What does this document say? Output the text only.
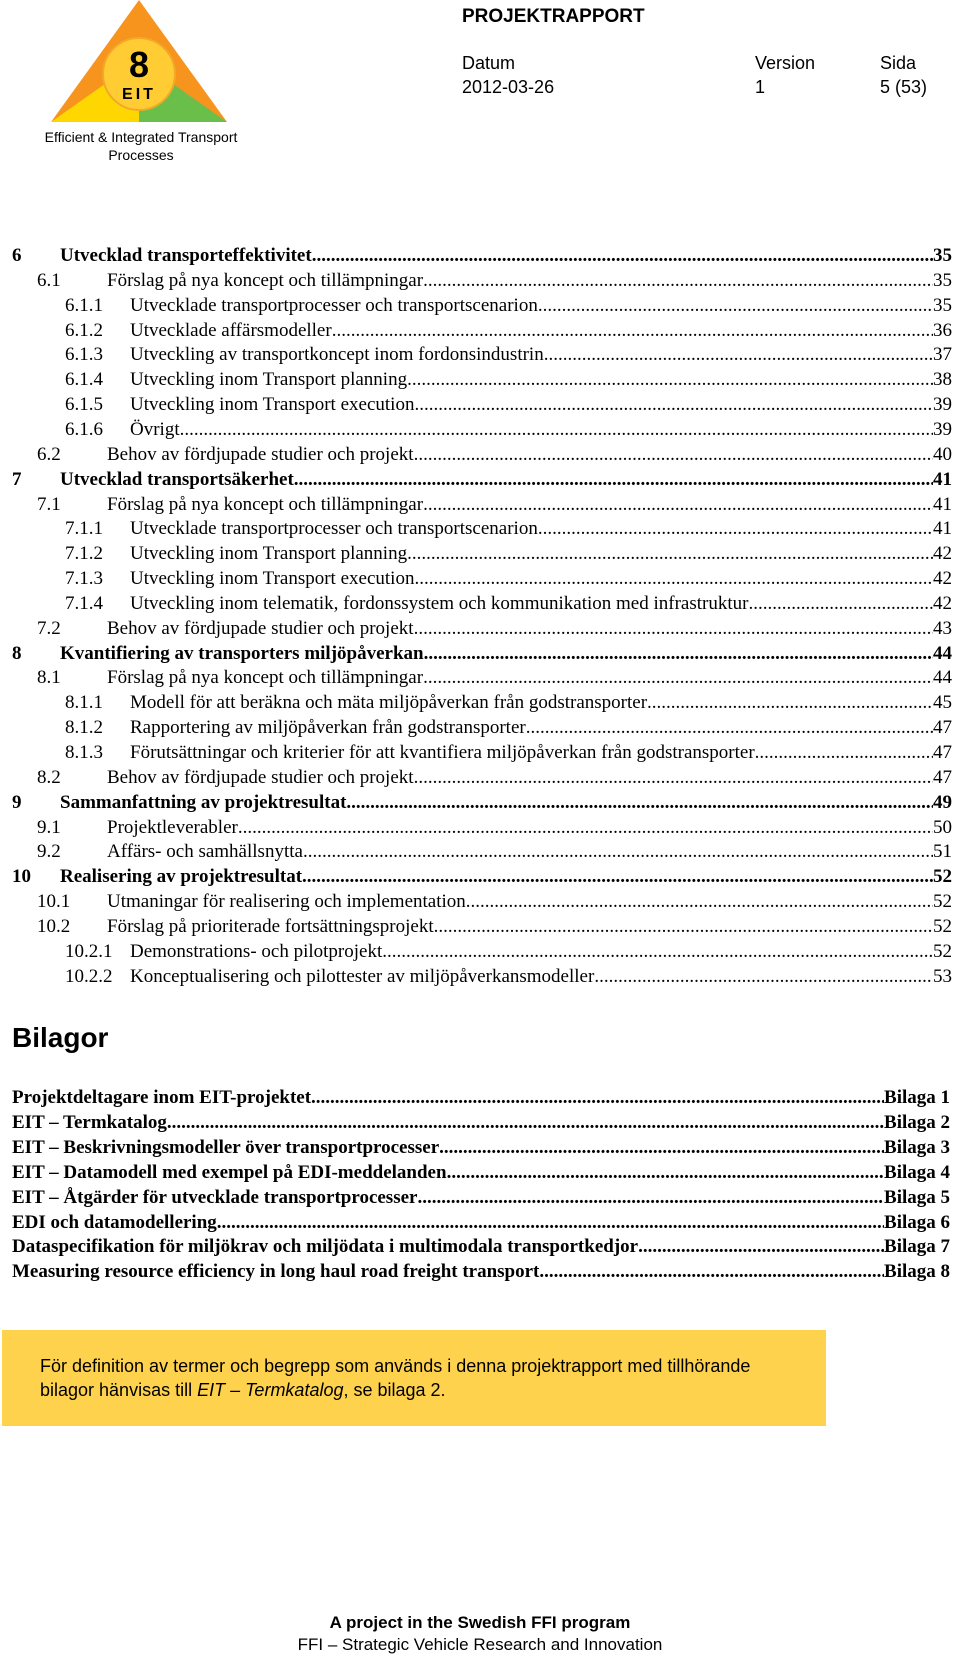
8
EIT
Efficient & Integrated Transport Processes
PROJEKTRAPPORT
Datum
2012-03-26
Version
1
Sida
5 (53)
6 Utvecklad transporteffektivitet .....	35
6.1 Förslag på nya koncept och tillämpningar .....	35
6.1.1 Utvecklade transportprocesser och transportscenarion .....	35
6.1.2 Utvecklade affärsmodeller .....	36
6.1.3 Utveckling av transportkoncept inom fordonsindustrin .....	37
6.1.4 Utveckling inom Transport planning .....	38
6.1.5 Utveckling inom Transport execution .....	39
6.1.6 Övrigt .....	39
6.2 Behov av fördjupade studier och projekt .....	40
7 Utvecklad transportsäkerhet .....	41
7.1 Förslag på nya koncept och tillämpningar .....	41
7.1.1 Utvecklade transportprocesser och transportscenarion .....	41
7.1.2 Utveckling inom Transport planning .....	42
7.1.3 Utveckling inom Transport execution .....	42
7.1.4 Utveckling inom telematik, fordonssystem och kommunikation med infrastruktur .....	42
7.2 Behov av fördjupade studier och projekt .....	43
8 Kvantifiering av transporters miljöpåverkan .....	44
8.1 Förslag på nya koncept och tillämpningar .....	44
8.1.1 Modell för att beräkna och mäta miljöpåverkan från godstransporter .....	45
8.1.2 Rapportering av miljöpåverkan från godstransporter .....	47
8.1.3 Förutsättningar och kriterier för att kvantifiera miljöpåverkan från godstransporter .....	47
8.2 Behov av fördjupade studier och projekt .....	47
9 Sammanfattning av projektresultat .....	49
9.1 Projektleverabler .....	50
9.2 Affärs- och samhällsnytta .....	51
10 Realisering av projektresultat .....	52
10.1 Utmaningar för realisering och implementation .....	52
10.2 Förslag på prioriterade fortsättningsprojekt .....	52
10.2.1 Demonstrations- och pilotprojekt .....	52
10.2.2 Konceptualisering och pilottester av miljöpåverkansmodeller .....	53
Bilagor
Projektdeltagare inom EIT-projektet .....	Bilaga 1
EIT – Termkatalog .....	Bilaga 2
EIT – Beskrivningsmodeller över transportprocesser .....	Bilaga 3
EIT – Datamodell med exempel på EDI-meddelanden .....	Bilaga 4
EIT – Åtgärder för utvecklade transportprocesser .....	Bilaga 5
EDI och datamodellering .....	Bilaga 6
Dataspecifikation för miljökrav och miljödata i multimodala transportkedjor .....	Bilaga 7
Measuring resource efficiency in long haul road freight transport .....	Bilaga 8
För definition av termer och begrepp som används i denna projektrapport med tillhörande bilagor hänvisas till EIT – Termkatalog, se bilaga 2.
A project in the Swedish FFI program
FFI – Strategic Vehicle Research and Innovation
